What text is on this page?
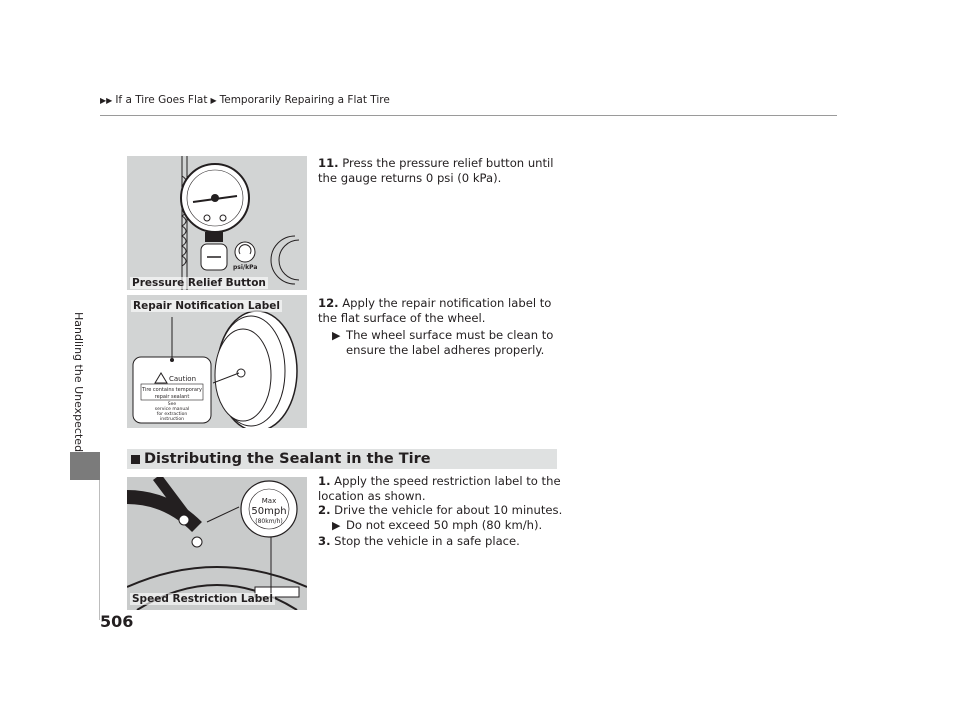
▶▶ If a Tire Goes Flat ▶ Temporarily Repairing a Flat Tire
Handling the Unexpected
506
psi/kPa
Pressure Relief Button
11. Press the pressure relief button until the gauge returns 0 psi (0 kPa).
12. Apply the repair notification label to the flat surface of the wheel.
▶ The wheel surface must be clean to ensure the label adheres properly.
Caution
Tire contains temporary
repair sealant
See
service manual
for extraction
instruction
Repair Notification Label
Distributing the Sealant in the Tire
Max
50mph
(80km/h)
Speed Restriction Label
1. Apply the speed restriction label to the location as shown.
2. Drive the vehicle for about 10 minutes.
▶ Do not exceed 50 mph (80 km/h).
3. Stop the vehicle in a safe place.
